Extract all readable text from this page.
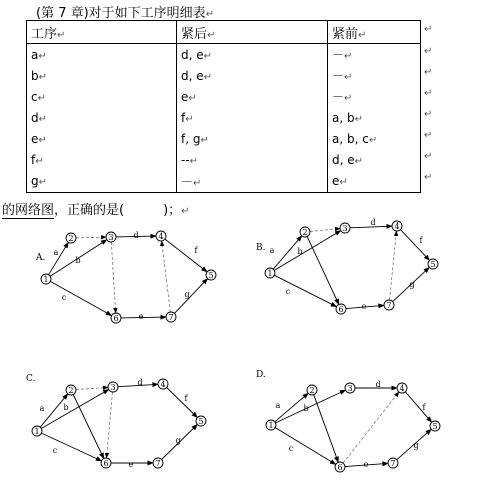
(第 7 章)对于如下工序明细表↵
工序↵	紧后↵	紧前↵
a↵	d, e↵	－↵
b↵	d, e↵	－↵
c↵	e↵	－↵
d↵	f↵	a, b↵
e↵	f, g↵	a, b, c↵
f↵	--↵	d, e↵
g↵	－↵	e↵
↵
↵
↵
↵
↵
↵
↵
↵
的网络图，正确的是(　　　)；↵
A.
a
b
d
f
c
e
g
1
2	3
6	7
4
5
B. a	b
d
f
c
e
g
1
2	3
6	7
4
5
C.
a b
d
f
c
e
g
1
2	3
6	7
4
5
D.
a	b
d
f
c
e
g
1
2	3
6	7
4
5
